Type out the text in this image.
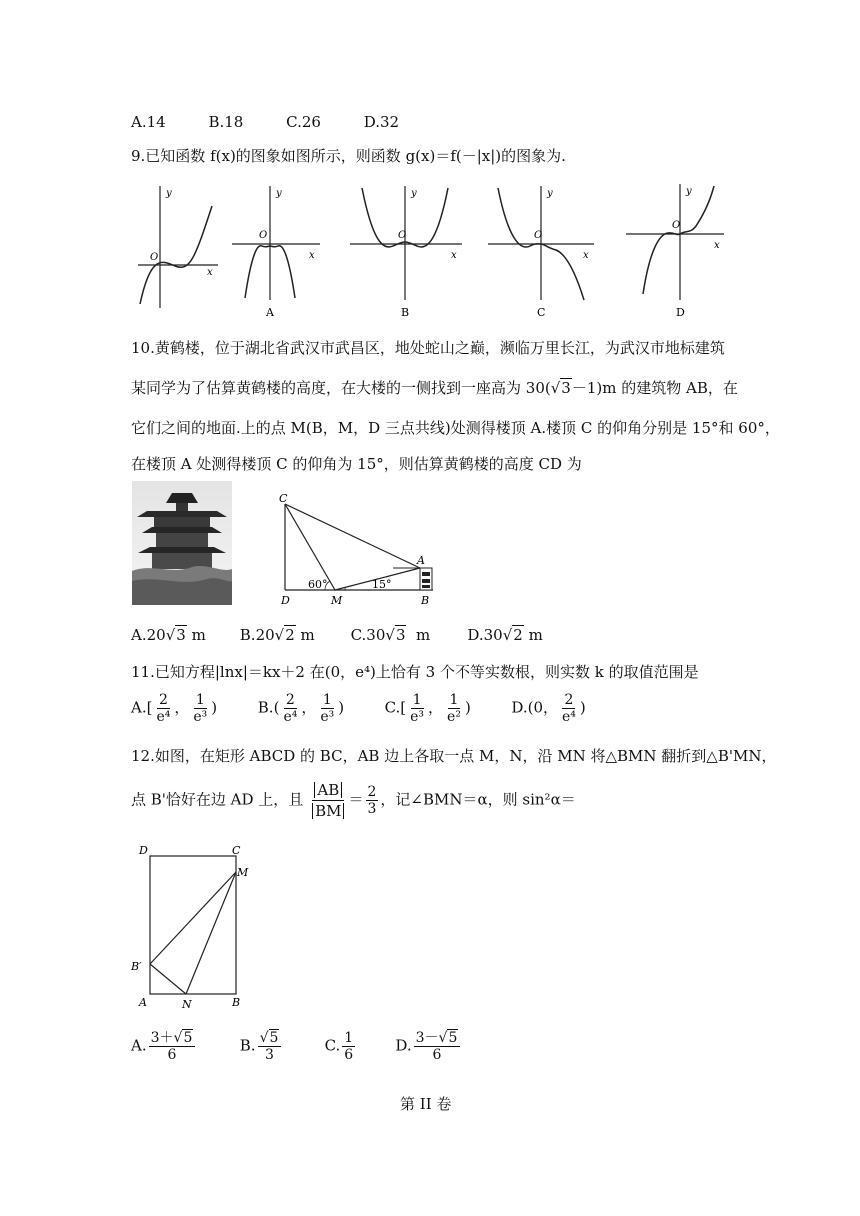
A.14	B.18	C.26	D.32
9.已知函数 f(x)的图象如图所示，则函数 g(x)＝f(－|x|)的图象为.
y
O
x
y
O
x
A
y
O
x
B
y
O
x
C
y
O
x
D
10.黄鹤楼，位于湖北省武汉市武昌区，地处蛇山之巅，濒临万里长江，为武汉市地标建筑
某同学为了估算黄鹤楼的高度，在大楼的一侧找到一座高为 30(√3－1)m 的建筑物 AB，在
它们之间的地面.上的点 M(B，M，D 三点共线)处测得楼顶 A.楼顶 C 的仰角分别是 15°和 60°，
在楼顶 A 处测得楼顶 C 的仰角为 15°，则估算黄鹤楼的高度 CD 为
C
A
D	M	B
60°	15°
A.20√3 m B.20√2 m C.30√3  m D.30√2 m
11.已知方程|lnx|＝kx＋2 在(0，e⁴)上恰有 3 个不等实数根，则实数 k 的取值范围是
$A.[ \frac{2}{\text{e⁴}}$ ， $\frac{1}{\text{e³}}$ )	$B.( \frac{2}{\text{e⁴}}$ ， $\frac{1}{\text{e³}}$ )	$C.[ \frac{1}{\text{e³}}$ ， $\frac{1}{\text{e²}}$ )	D.(0， $\frac{2}{\text{e⁴}}$ )
12.如图，在矩形 ABCD 的 BC，AB 边上各取一点 M，N，沿 MN 将△BMN 翻折到△B'MN，
点 B'恰好在边 AD 上，且 $\frac{AB}{BM} = \frac{2}{3}$ ，记∠BMN＝α，则 sin²α＝
D	C
M
B′
A	N	B
A. $\frac{3+√5}{6}$	B. $\frac{√5}{3}$	C. $\frac{1}{6}$	D. $\frac{3-√5}{6}$
第 II 卷
